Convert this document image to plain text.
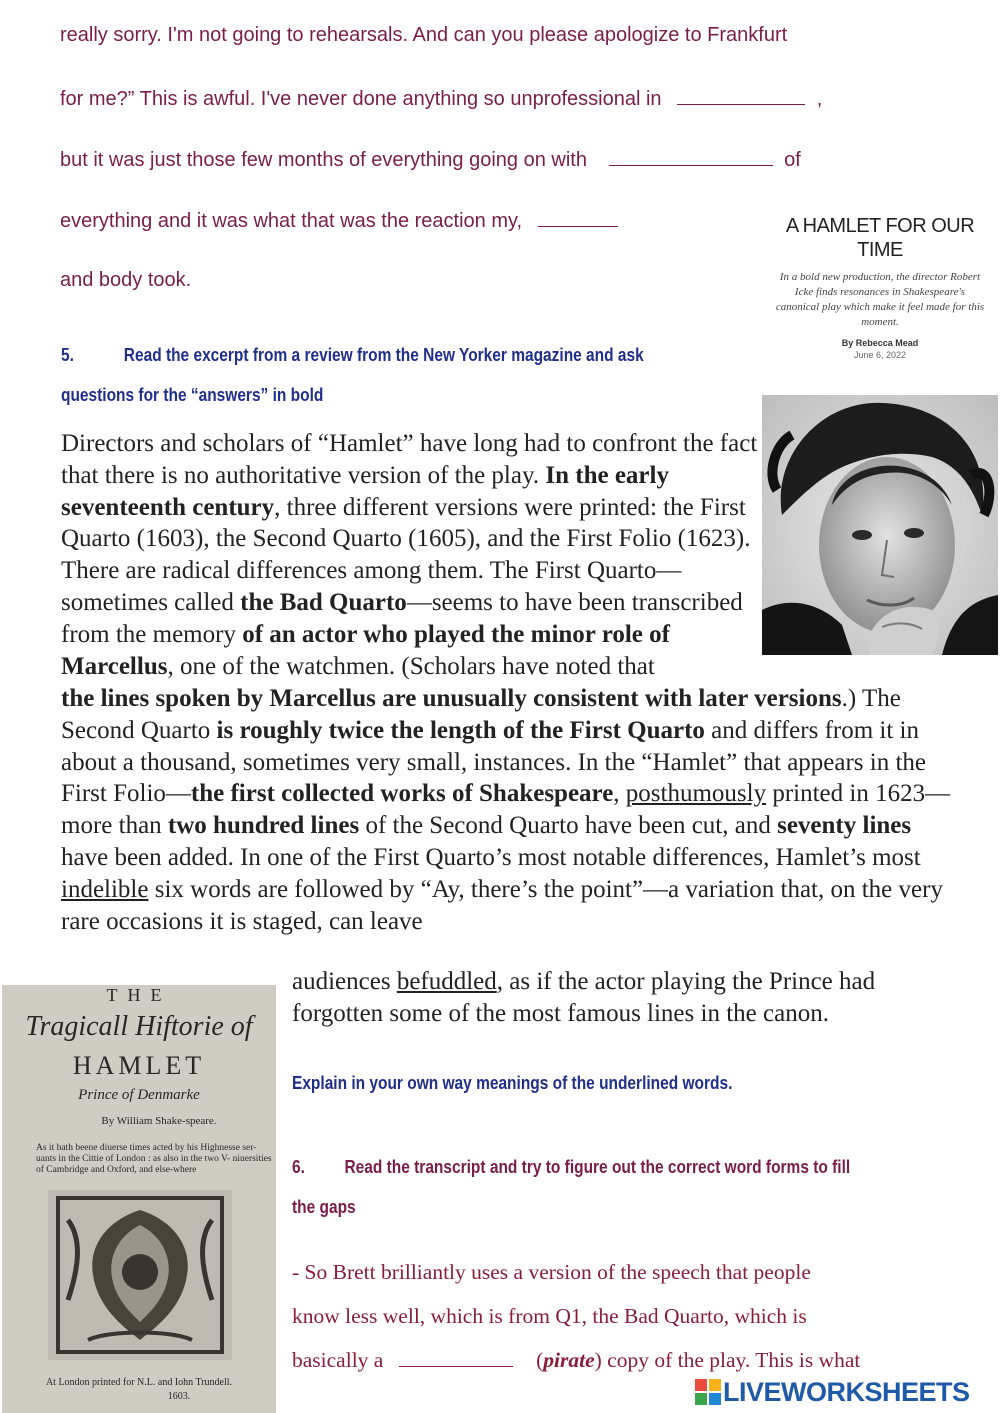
really sorry. I'm not going to rehearsals. And can you please apologize to Frankfurt
for me?” This is awful. I've never done anything so unprofessional in	,
but it was just those few months of everything going on with	of
everything and it was what that was the reaction my,
and body took.
5.	Read the excerpt from a review from the New Yorker magazine and ask
questions for the “answers” in bold
A HAMLET FOR OUR TIME
In a bold new production, the director Robert Icke finds resonances in Shakespeare's canonical play which make it feel made for this moment.
By Rebecca Mead
June 6, 2022
Directors and scholars of “Hamlet” have long had to confront the fact that there is no authoritative version of the play. In the early seventeenth century, three different versions were printed: the First Quarto (1603), the Second Quarto (1605), and the First Folio (1623). There are radical differences among them. The First Quarto—sometimes called the Bad Quarto—seems to have been transcribed from the memory of an actor who played the minor role of Marcellus, one of the watchmen. (Scholars have noted that
the lines spoken by Marcellus are unusually consistent with later versions.) The Second Quarto is roughly twice the length of the First Quarto and differs from it in about a thousand, sometimes very small, instances. In the “Hamlet” that appears in the First Folio—the first collected works of Shakespeare, posthumously printed in 1623—more than two hundred lines of the Second Quarto have been cut, and seventy lines have been added. In one of the First Quarto’s most notable differences, Hamlet’s most indelible six words are followed by “Ay, there’s the point”—a variation that, on the very rare occasions it is staged, can leave
audiences befuddled, as if the actor playing the Prince had
forgotten some of the most famous lines in the canon.
Explain in your own way meanings of the underlined words.
6. Read the transcript and try to figure out the correct word forms to fill
the gaps
- So Brett brilliantly uses a version of the speech that people
know less well, which is from Q1, the Bad Quarto, which is
basically a	(pirate) copy of the play. This is what
THE
Tragicall Hiftorie of
HAMLET
Prince of Denmarke
By William Shake-speare.
As it hath beene diuerse times acted by his Highnesse ser- uants in the Cittie of London : as also in the two V- niuersities of Cambridge and Oxford, and else-where
At London printed for N.L. and Iohn Trundell.
1603.	LIVEWORKSHEETS
